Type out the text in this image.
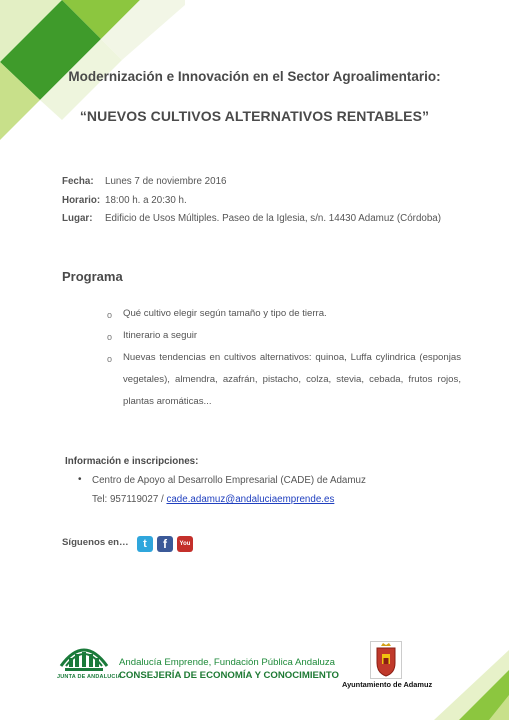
Modernización e Innovación en el Sector Agroalimentario:
“NUEVOS CULTIVOS ALTERNATIVOS RENTABLES”
Fecha: Lunes 7 de noviembre 2016
Horario: 18:00 h. a 20:30 h.
Lugar: Edificio de Usos Múltiples. Paseo de la Iglesia, s/n. 14430 Adamuz (Córdoba)
Programa
o Qué cultivo elegir según tamaño y tipo de tierra.
o Itinerario a seguir
o Nuevas tendencias en cultivos alternativos: quinoa, Luffa cylindrica (esponjas vegetales), almendra, azafrán, pistacho, colza, stevia, cebada, frutos rojos, plantas aromáticas...
Información e inscripciones:
• Centro de Apoyo al Desarrollo Empresarial (CADE) de Adamuz
Tel: 957119027 / cade.adamuz@andaluciaemprende.es
Síguenos en…	t	f	You
JUNTA DE ANDALUCIA
Andalucía Emprende, Fundación Pública Andaluza
CONSEJERÍA DE ECONOMÍA Y CONOCIMIENTO
Ayuntamiento de Adamuz
